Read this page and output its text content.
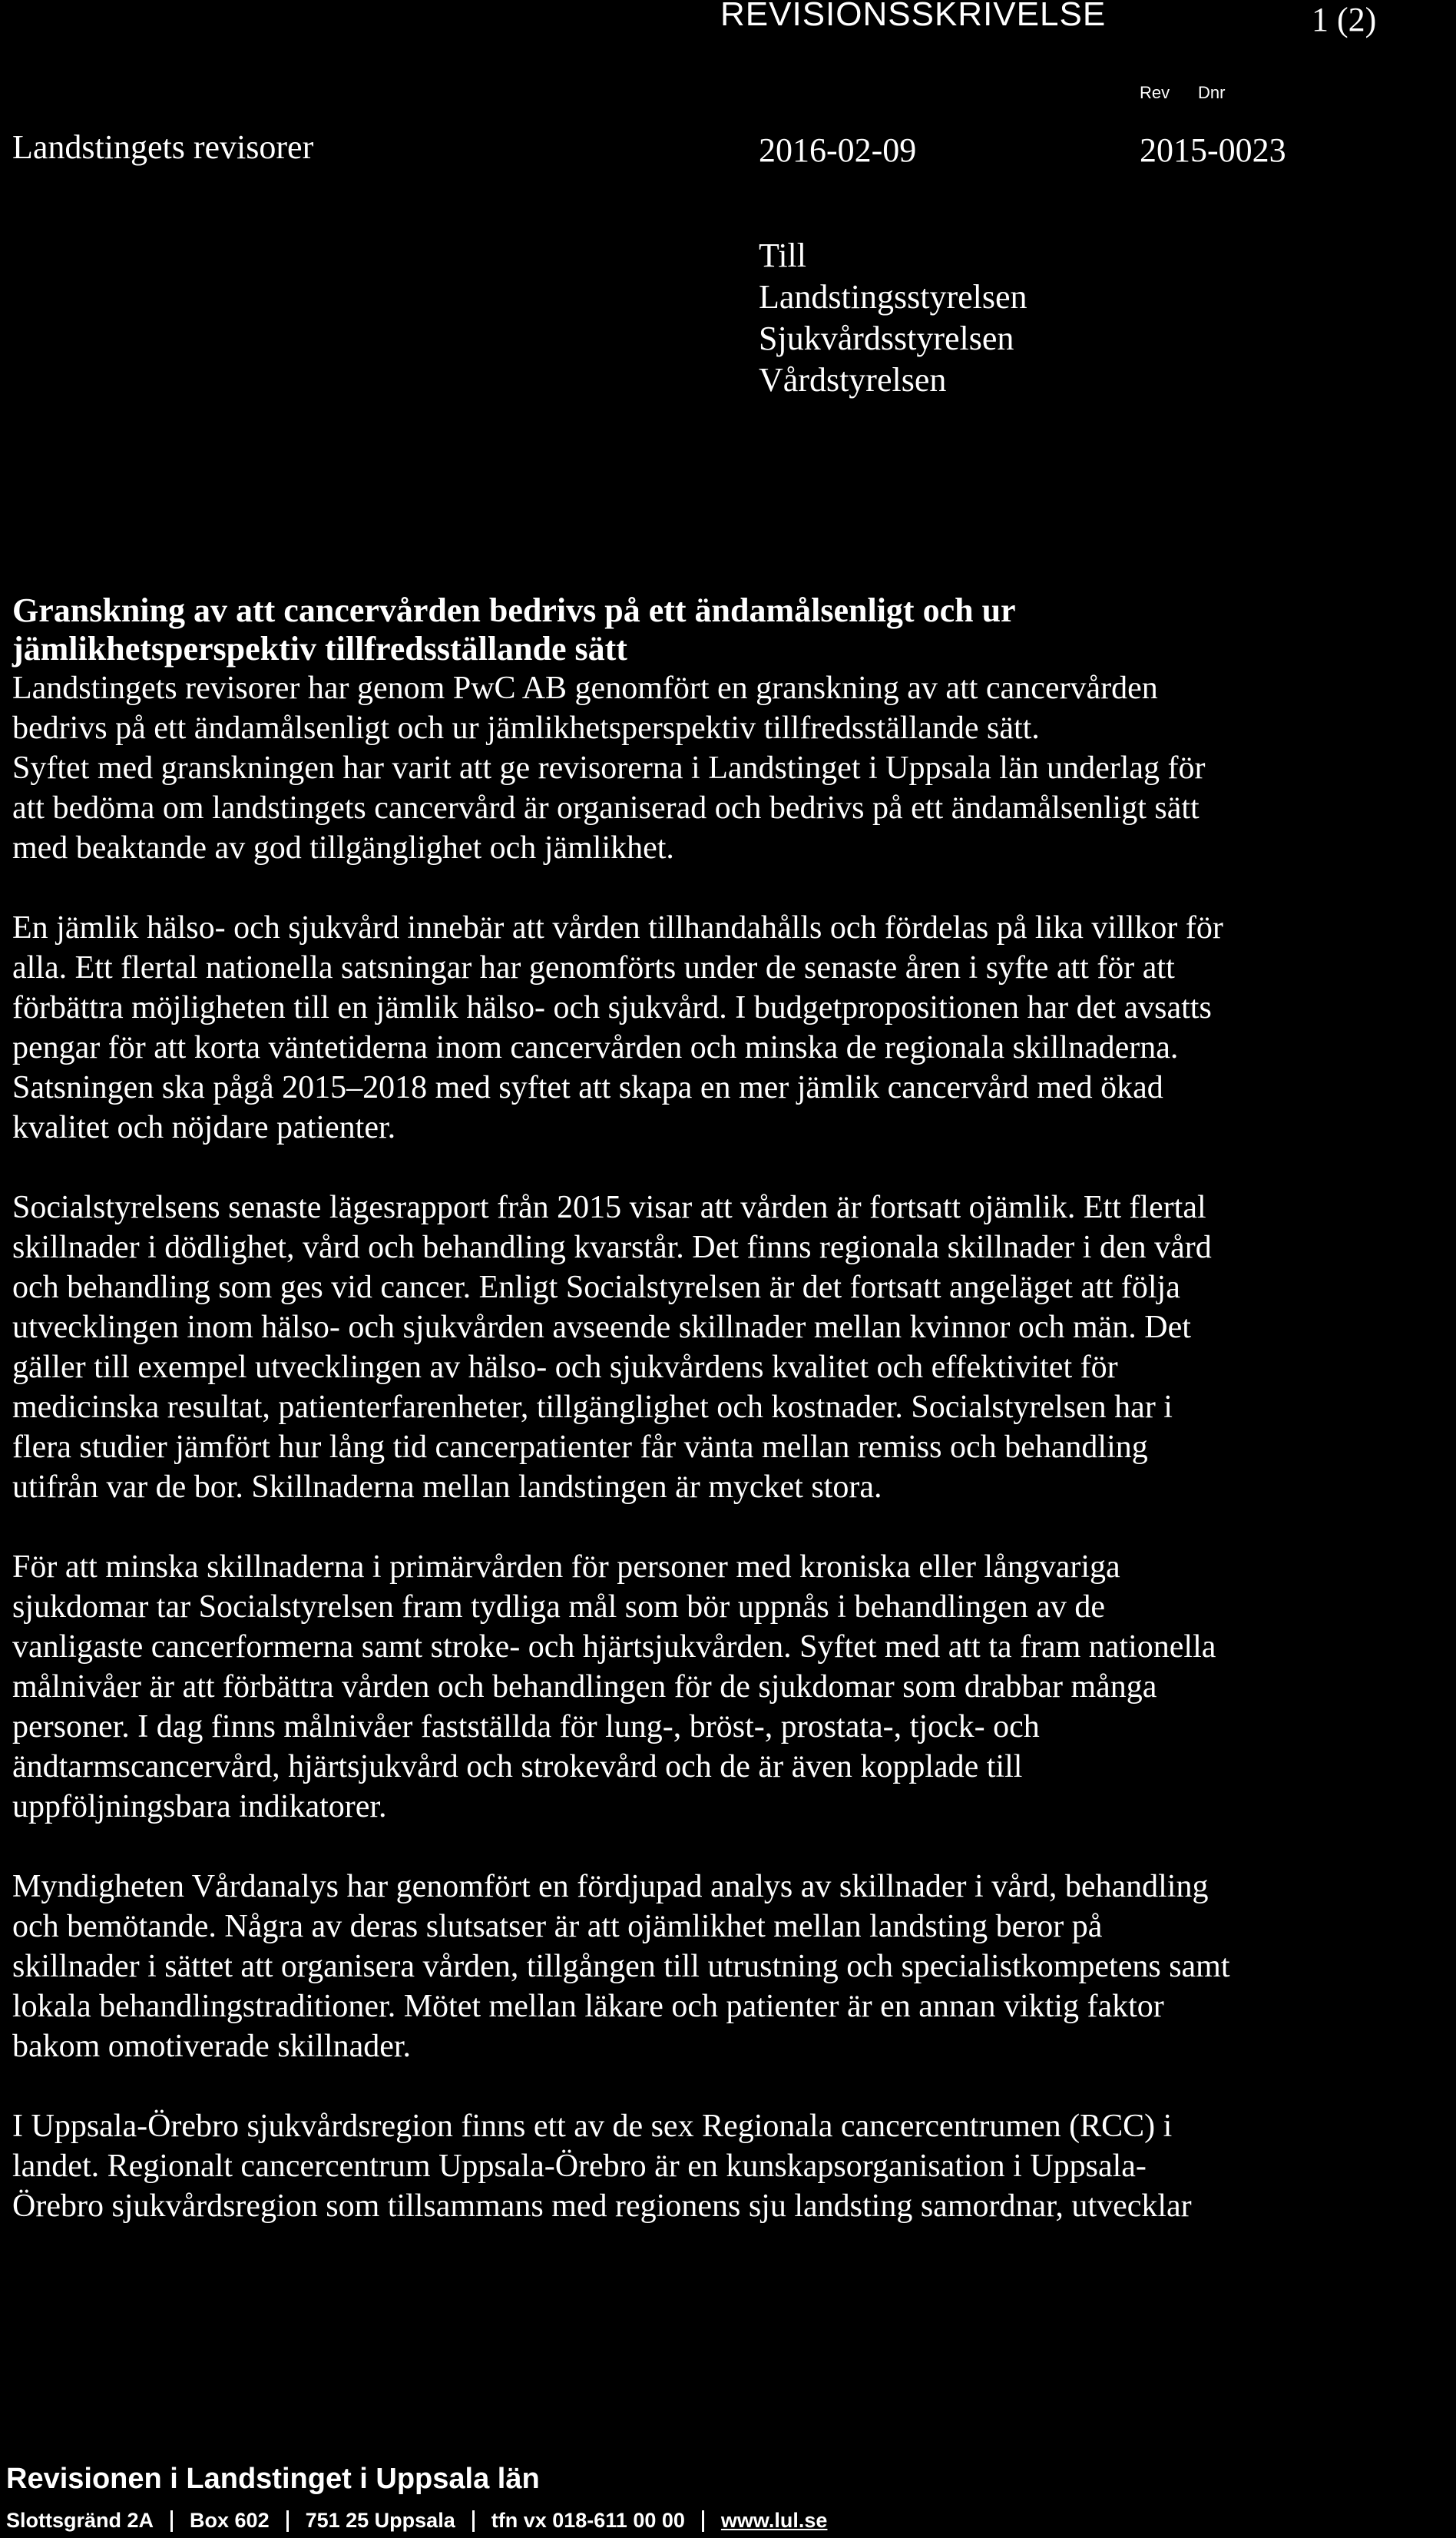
REVISIONSSKRIVELSE	1 (2)
Rev Dnr
Landstingets revisorer	2016-02-09	2015-0023
Till
Landstingsstyrelsen
Sjukvårdsstyrelsen
Vårdstyrelsen

Granskning av att cancervården bedrivs på ett ändamålsenligt och ur

jämlikhetsperspektiv tillfredsställande sätt

Landstingets revisorer har genom PwC AB genomfört en granskning av att cancervården

bedrivs på ett ändamålsenligt och ur jämlikhetsperspektiv tillfredsställande sätt.

Syftet med granskningen har varit att ge revisorerna i Landstinget i Uppsala län underlag för

att bedöma om landstingets cancervård är organiserad och bedrivs på ett ändamålsenligt sätt

med beaktande av god tillgänglighet och jämlikhet.

En jämlik hälso- och sjukvård innebär att vården tillhandahålls och fördelas på lika villkor för

alla. Ett flertal nationella satsningar har genomförts under de senaste åren i syfte att för att

förbättra möjligheten till en jämlik hälso- och sjukvård. I budgetpropositionen har det avsatts

pengar för att korta väntetiderna inom cancervården och minska de regionala skillnaderna.

Satsningen ska pågå 2015–2018 med syftet att skapa en mer jämlik cancervård med ökad

kvalitet och nöjdare patienter.

Socialstyrelsens senaste lägesrapport från 2015 visar att vården är fortsatt ojämlik. Ett flertal

skillnader i dödlighet, vård och behandling kvarstår. Det finns regionala skillnader i den vård

och behandling som ges vid cancer. Enligt Socialstyrelsen är det fortsatt angeläget att följa

utvecklingen inom hälso- och sjukvården avseende skillnader mellan kvinnor och män. Det

gäller till exempel utvecklingen av hälso- och sjukvårdens kvalitet och effektivitet för

medicinska resultat, patienterfarenheter, tillgänglighet och kostnader. Socialstyrelsen har i

flera studier jämfört hur lång tid cancerpatienter får vänta mellan remiss och behandling

utifrån var de bor. Skillnaderna mellan landstingen är mycket stora.

För att minska skillnaderna i primärvården för personer med kroniska eller långvariga

sjukdomar tar Socialstyrelsen fram tydliga mål som bör uppnås i behandlingen av de

vanligaste cancerformerna samt stroke- och hjärtsjukvården. Syftet med att ta fram nationella

målnivåer är att förbättra vården och behandlingen för de sjukdomar som drabbar många

personer. I dag finns målnivåer fastställda för lung-, bröst-, prostata-, tjock- och

ändtarmscancervård, hjärtsjukvård och strokevård och de är även kopplade till

uppföljningsbara indikatorer.

Myndigheten Vårdanalys har genomfört en fördjupad analys av skillnader i vård, behandling

och bemötande. Några av deras slutsatser är att ojämlikhet mellan landsting beror på

skillnader i sättet att organisera vården, tillgången till utrustning och specialistkompetens samt

lokala behandlingstraditioner. Mötet mellan läkare och patienter är en annan viktig faktor

bakom omotiverade skillnader.

I Uppsala-Örebro sjukvårdsregion finns ett av de sex Regionala cancercentrumen (RCC) i

landet. Regionalt cancercentrum Uppsala-Örebro är en kunskapsorganisation i Uppsala-

Örebro sjukvårdsregion som tillsammans med regionens sju landsting samordnar, utvecklar

Revisionen i Landstinget i Uppsala län
Slottsgränd 2A Box 602 751 25 Uppsala tfn vx 018-611 00 00 www.lul.se
